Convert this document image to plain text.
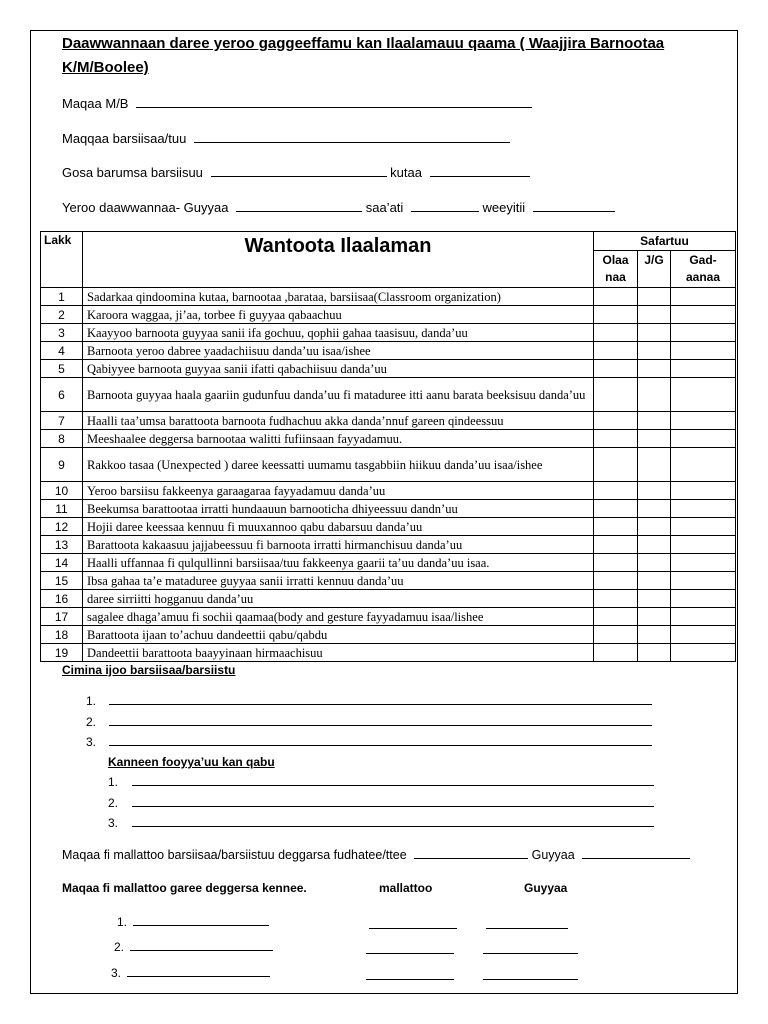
Daawwannaan daree yeroo gaggeeffamu kan Ilaalamauu qaama ( Waajjira Barnootaa K/M/Boolee)
Maqaa M/B
Maqqaa barsiisaa/tuu
Gosa barumsa barsiisuu	kutaa
Yeroo daawwannaa- Guyyaa	saa’ati	weeyitii
Lakk	Wantoota Ilaalaman	Safartuu		
		Olaa naa	J/G	Gad-aanaa
1	Sadarkaa qindoomina kutaa, barnootaa ,barataa, barsiisaa(Classroom organization)			
2	Karoora waggaa, ji’aa, torbee fi guyyaa qabaachuu			
3	Kaayyoo barnoota guyyaa sanii ifa gochuu, qophii gahaa taasisuu, danda’uu			
4	Barnoota yeroo dabree yaadachiisuu danda’uu isaa/ishee			
5	Qabiyyee barnoota guyyaa sanii ifatti qabachiisuu danda’uu			
6	Barnoota guyyaa haala gaariin gudunfuu danda’uu fi mataduree itti aanu barata beeksisuu danda’uu			
7	Haalli taa’umsa barattoota barnoota fudhachuu akka danda’nnuf gareen qindeessuu			
8	Meeshaalee deggersa barnootaa walitti fufiinsaan fayyadamuu.			
9	Rakkoo tasaa (Unexpected ) daree keessatti uumamu tasgabbiin hiikuu danda’uu isaa/ishee			
10	Yeroo barsiisu fakkeenya garaagaraa fayyadamuu danda’uu			
11	Beekumsa barattootaa irratti hundaauun barnooticha dhiyeessuu dandn’uu			
12	Hojii daree keessaa kennuu fi muuxannoo qabu dabarsuu danda’uu			
13	Barattoota kakaasuu jajjabeessuu fi barnoota irratti hirmanchisuu danda’uu			
14	Haalli uffannaa fi qulqullinni barsiisaa/tuu fakkeenya gaarii ta’uu danda’uu isaa.			
15	Ibsa gahaa ta’e mataduree guyyaa sanii irratti kennuu danda’uu			
16	daree sirriitti hogganuu danda’uu			
17	sagalee dhaga’amuu fi sochii qaamaa(body and gesture fayyadamuu isaa/lishee			
18	Barattoota ijaan to’achuu dandeettii qabu/qabdu			
19	Dandeettii barattoota baayyinaan hirmaachisuu			
Cimina ijoo barsiisaa/barsiistu
1.
2.
3.
Kanneen fooyya’uu kan qabu
1.
2.
3.
Maqaa fi mallattoo barsiisaa/barsiistuu deggarsa fudhatee/ttee	Guyyaa
Maqaa fi mallattoo garee deggersa kennee.	mallattoo	Guyyaa
1.
2.
3.
